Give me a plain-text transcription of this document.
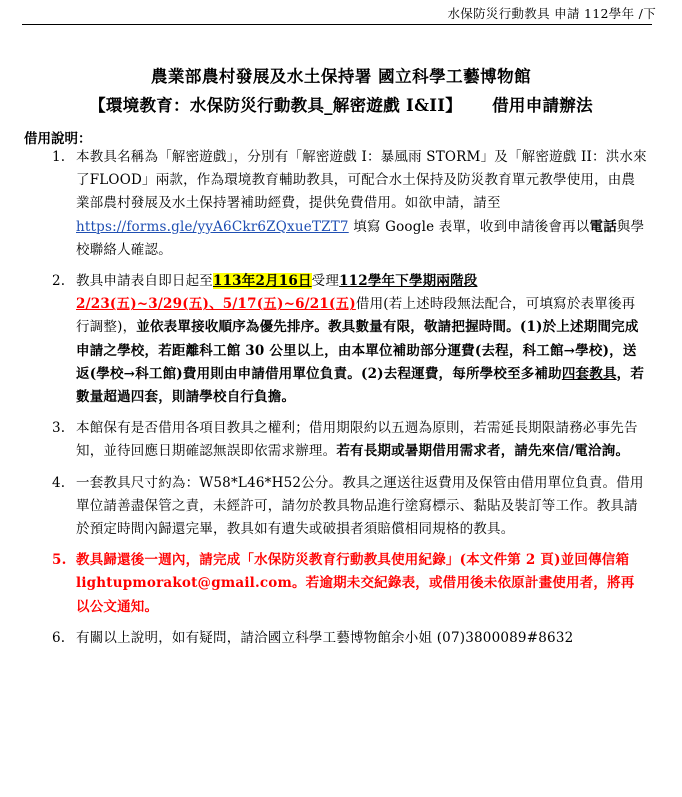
水保防災行動教具 申請 112學年 /下
農業部農村發展及水土保持署 國立科學工藝博物館
【環境教育：水保防災行動教具_解密遊戲 I&II】 借用申請辦法
借用說明：
1. 本教具名稱為「解密遊戲」，分別有「解密遊戲 I：暴風雨 STORM」及「解密遊戲 II：洪水來了FLOOD」兩款，作為環境教育輔助教具，可配合水土保持及防災教育單元教學使用，由農業部農村發展及水土保持署補助經費，提供免費借用。如欲申請，請至 https://forms.gle/yyA6Ckr6ZQxueTZT7 填寫 Google 表單，收到申請後會再以電話與學校聯絡人確認。
2. 教具申請表自即日起至113年2月16日受理112學年下學期兩階段
2/23(五)~3/29(五)、5/17(五)~6/21(五)借用(若上述時段無法配合，可填寫於表單後再行調整)，並依表單接收順序為優先排序。教具數量有限，敬請把握時間。(1)於上述期間完成申請之學校，若距離科工館 30 公里以上，由本單位補助部分運費(去程，科工館→學校)，送返(學校→科工館)費用則由申請借用單位負責。(2)去程運費，每所學校至多補助四套教具，若數量超過四套，則請學校自行負擔。
3. 本館保有是否借用各項目教具之權利；借用期限約以五週為原則，若需延長期限請務必事先告知，並待回應日期確認無誤即依需求辦理。若有長期或暑期借用需求者，請先來信/電洽詢。
4. 一套教具尺寸約為：W58*L46*H52公分。教具之運送往返費用及保管由借用單位負責。借用單位請善盡保管之責，未經許可，請勿於教具物品進行塗寫標示、黏貼及裝訂等工作。教具請於預定時間內歸還完畢，教具如有遺失或破損者須賠償相同規格的教具。
5. 教具歸還後一週內，請完成「水保防災教育行動教具使用紀錄」(本文件第 2 頁)並回傳信箱 lightupmorakot@gmail.com。若逾期未交紀錄表，或借用後未依原計畫使用者，將再以公文通知。
6. 有關以上說明，如有疑問，請洽國立科學工藝博物館余小姐 (07)3800089#8632
